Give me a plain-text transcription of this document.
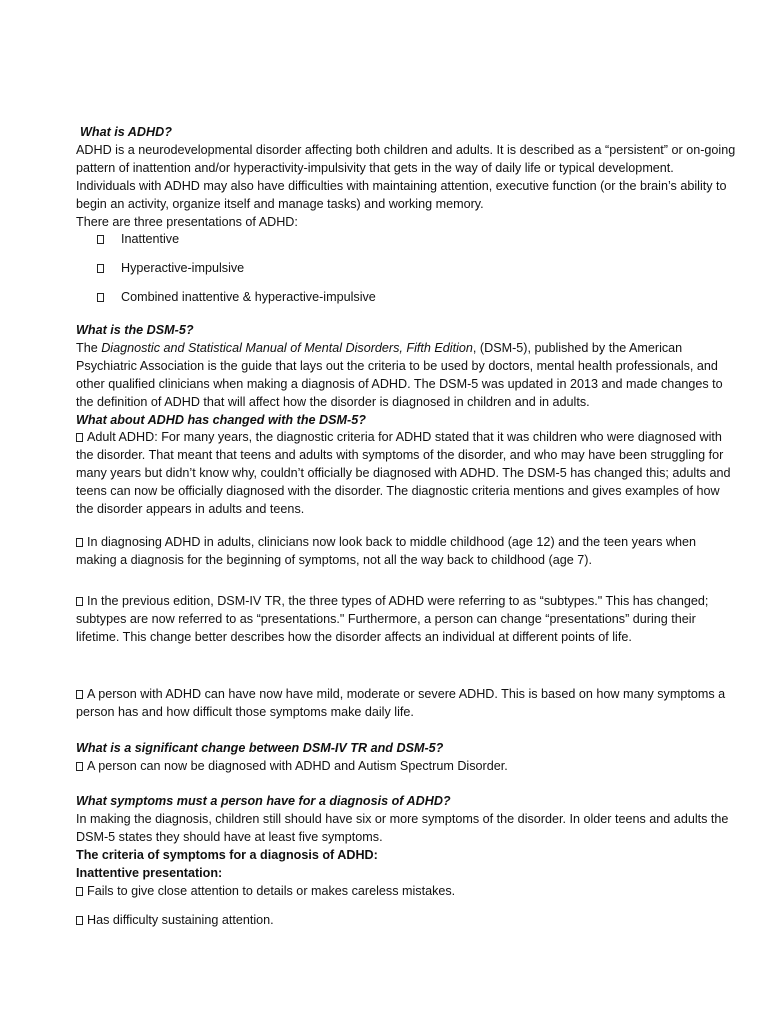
What is ADHD?
ADHD is a neurodevelopmental disorder affecting both children and adults. It is described as a “persistent” or on-going pattern of inattention and/or hyperactivity-impulsivity that gets in the way of daily life or typical development. Individuals with ADHD may also have difficulties with maintaining attention, executive function (or the brain’s ability to begin an activity, organize itself and manage tasks) and working memory.
There are three presentations of ADHD:
Inattentive
Hyperactive-impulsive
Combined inattentive & hyperactive-impulsive
What is the DSM-5?
The Diagnostic and Statistical Manual of Mental Disorders, Fifth Edition, (DSM-5), published by the American Psychiatric Association is the guide that lays out the criteria to be used by doctors, mental health professionals, and other qualified clinicians when making a diagnosis of ADHD. The DSM-5 was updated in 2013 and made changes to the definition of ADHD that will affect how the disorder is diagnosed in children and in adults.
What about ADHD has changed with the DSM-5?
Adult ADHD: For many years, the diagnostic criteria for ADHD stated that it was children who were diagnosed with the disorder. That meant that teens and adults with symptoms of the disorder, and who may have been struggling for many years but didn’t know why, couldn’t officially be diagnosed with ADHD. The DSM-5 has changed this; adults and teens can now be officially diagnosed with the disorder. The diagnostic criteria mentions and gives examples of how the disorder appears in adults and teens.
In diagnosing ADHD in adults, clinicians now look back to middle childhood (age 12) and the teen years when making a diagnosis for the beginning of symptoms, not all the way back to childhood (age 7).
In the previous edition, DSM-IV TR, the three types of ADHD were referring to as “subtypes." This has changed; subtypes are now referred to as “presentations." Furthermore, a person can change “presentations” during their lifetime. This change better describes how the disorder affects an individual at different points of life.
A person with ADHD can have now have mild, moderate or severe ADHD. This is based on how many symptoms a person has and how difficult those symptoms make daily life.
What is a significant change between DSM-IV TR and DSM-5?
A person can now be diagnosed with ADHD and Autism Spectrum Disorder.
What symptoms must a person have for a diagnosis of ADHD?
In making the diagnosis, children still should have six or more symptoms of the disorder. In older teens and adults the DSM-5 states they should have at least five symptoms.
The criteria of symptoms for a diagnosis of ADHD:
Inattentive presentation:
Fails to give close attention to details or makes careless mistakes.
Has difficulty sustaining attention.
